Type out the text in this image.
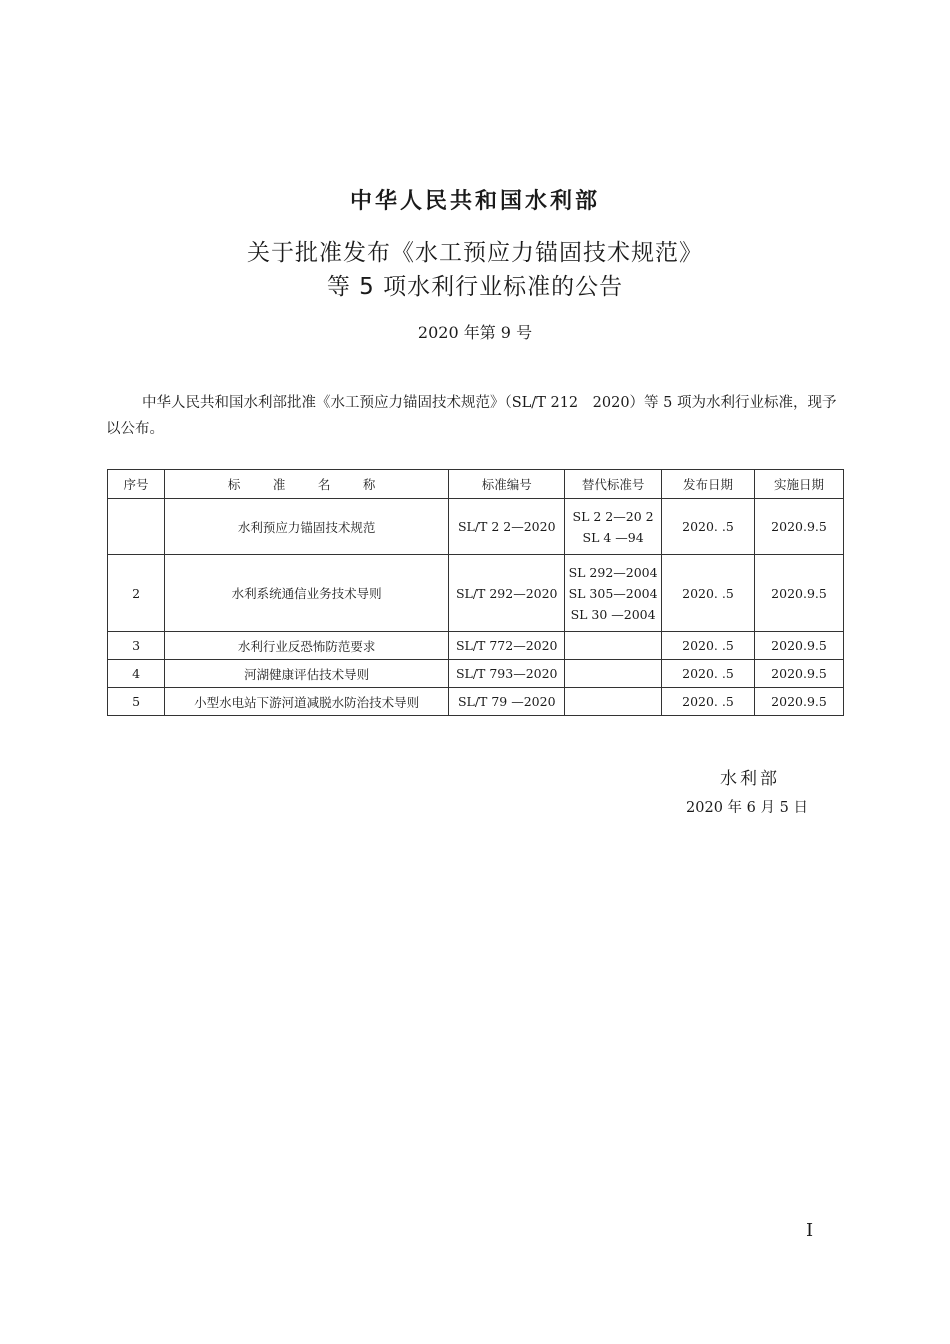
中华人民共和国水利部
关于批准发布《水工预应力锚固技术规范》
等 5 项水利行业标准的公告
2020 年第 9 号
中华人民共和国水利部批准《水工预应力锚固技术规范》（SL/T 212　2020）等 5 项为水利行业标准，现予以公布。
序号	标　准　名　称	标准编号	替代标准号	发布日期	实施日期
	水利预应力锚固技术规范	SL/T 2 2—2020	SL 2 2—20 2
SL 4 —94	2020. .5	2020.9.5
2	水利系统通信业务技术导则	SL/T 292—2020	SL 292—2004
SL 305—2004
SL 30 —2004	2020. .5	2020.9.5
3	水利行业反恐怖防范要求	SL/T 772—2020		2020. .5	2020.9.5
4	河湖健康评估技术导则	SL/T 793—2020		2020. .5	2020.9.5
5	小型水电站下游河道减脱水防治技术导则	SL/T 79 —2020		2020. .5	2020.9.5
水利部
2020 年 6 月 5 日
I
